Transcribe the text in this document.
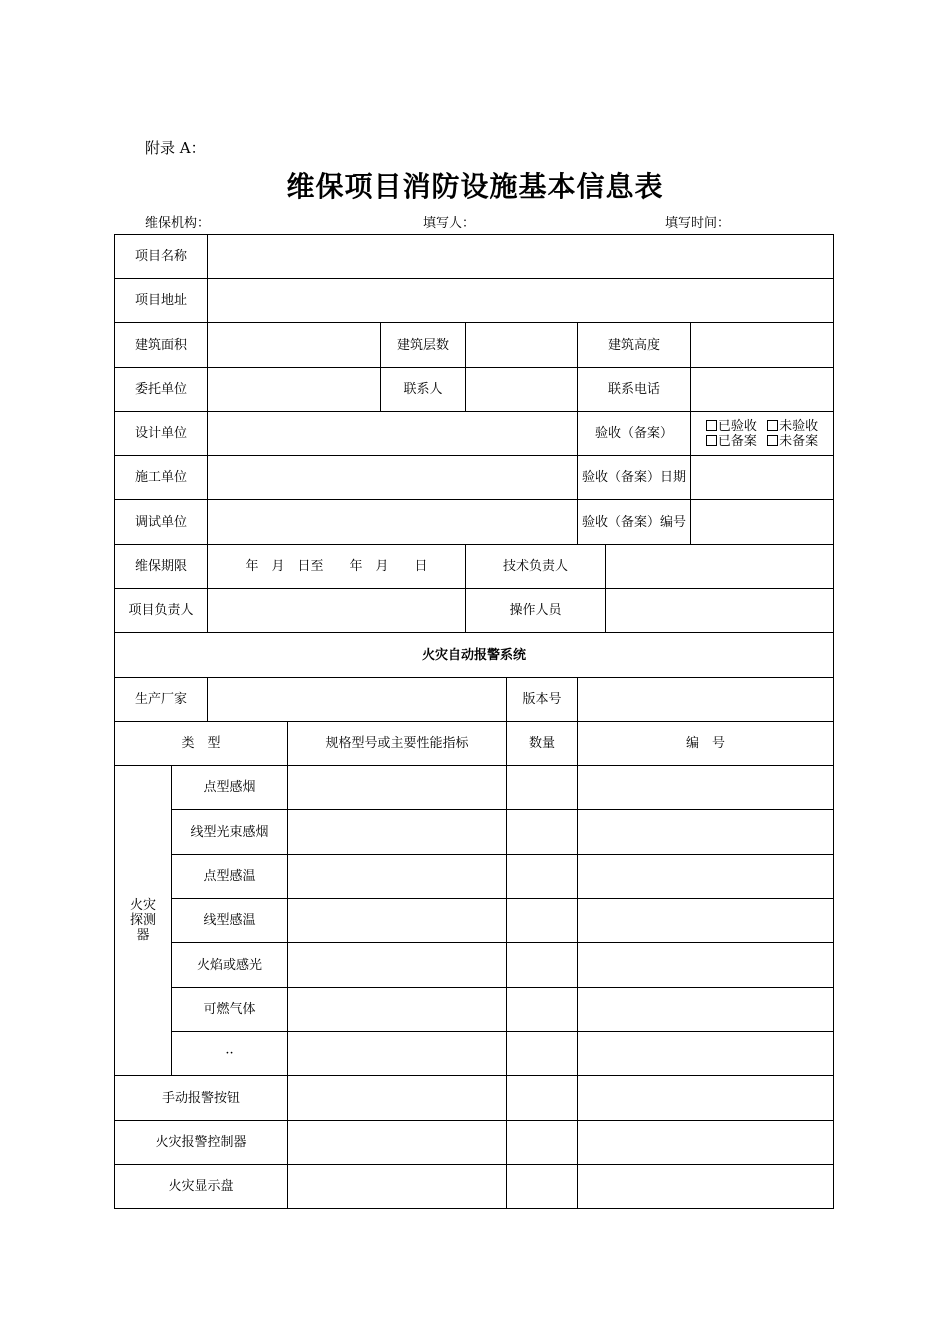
附录 A：
维保项目消防设施基本信息表
维保机构：	填写人：	填写时间：
项目名称									
项目地址									
建筑面积				建筑层数			建筑高度		
委托单位				联系人			联系电话		
设计单位							验收（备案）		已验收 未验收
已备案 未备案

施工单位							验收（备案）日期		
调试单位							验收（备案）编号		
维保期限		年　月　日至　　年　月　　日			技术负责人				
项目负责人					操作人员				
火灾自动报警系统									
生产厂家						版本号			
类　型			规格型号或主要性能指标			数量	编　号		
火灾探测器	点型感烟								
	线型光束感烟								
	点型感温								
	线型感温								
	火焰或感光								
	可燃气体								
	··								
手动报警按钮									
火灾报警控制器									
火灾显示盘									
